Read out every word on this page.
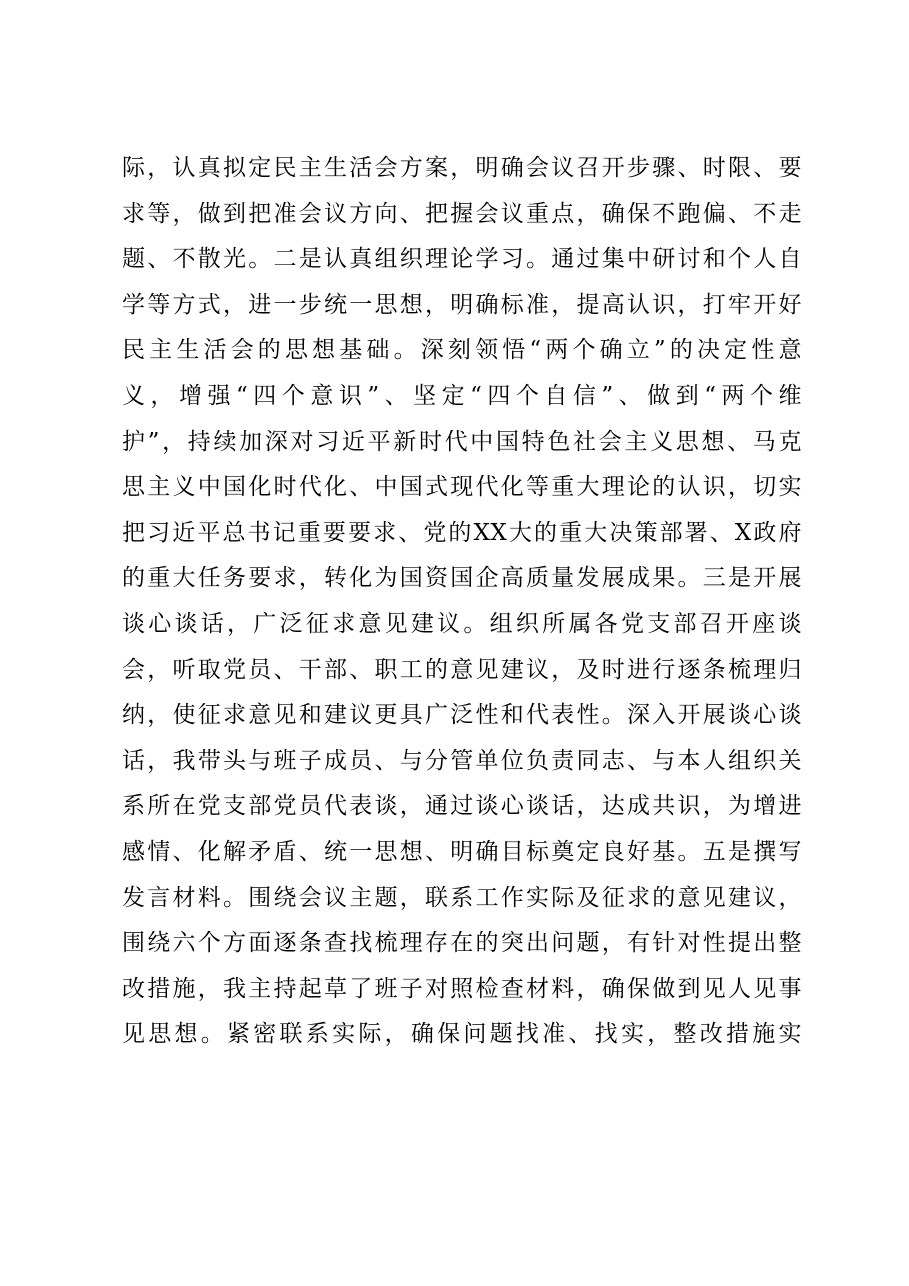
际，认真拟定民主生活会方案，明确会议召开步骤、时限、要
求等，做到把准会议方向、把握会议重点，确保不跑偏、不走
题、不散光。二是认真组织理论学习。通过集中研讨和个人自
学等方式，进一步统一思想，明确标准，提高认识，打牢开好
民主生活会的思想基础。深刻领悟“两个确立”的决定性意
义，增强“四个意识”、坚定“四个自信”、做到“两个维
护”，持续加深对习近平新时代中国特色社会主义思想、马克
思主义中国化时代化、中国式现代化等重大理论的认识，切实
把习近平总书记重要要求、党的XX大的重大决策部署、X政府
的重大任务要求，转化为国资国企高质量发展成果。三是开展
谈心谈话，广泛征求意见建议。组织所属各党支部召开座谈
会，听取党员、干部、职工的意见建议，及时进行逐条梳理归
纳，使征求意见和建议更具广泛性和代表性。深入开展谈心谈
话，我带头与班子成员、与分管单位负责同志、与本人组织关
系所在党支部党员代表谈，通过谈心谈话，达成共识，为增进
感情、化解矛盾、统一思想、明确目标奠定良好基。五是撰写
发言材料。围绕会议主题，联系工作实际及征求的意见建议，
围绕六个方面逐条查找梳理存在的突出问题，有针对性提出整
改措施，我主持起草了班子对照检查材料，确保做到见人见事
见思想。紧密联系实际，确保问题找准、找实，整改措施实
